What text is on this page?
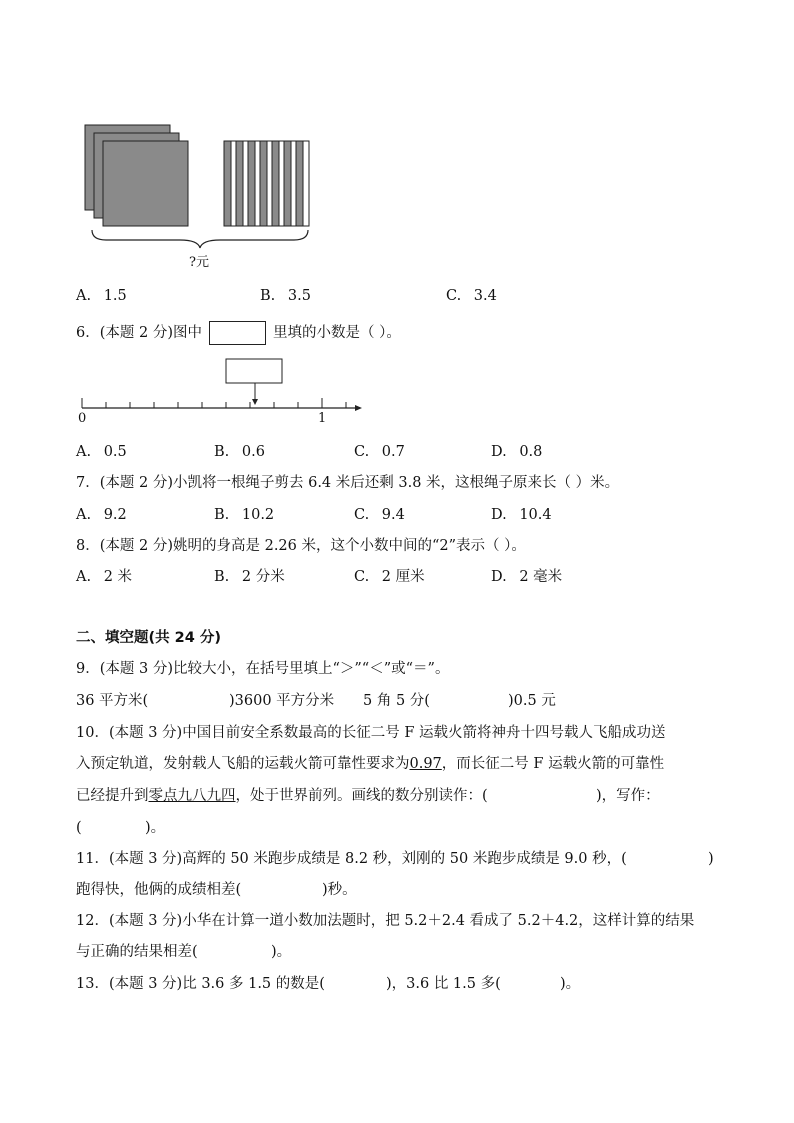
?元
A. 1.5	B. 3.5	C. 3.4
6．(本题 2 分)图中	里填的小数是（ ）。
0	1
A. 0.5	B. 0.6	C. 0.7	D. 0.8
7．(本题 2 分)小凯将一根绳子剪去 6.4 米后还剩 3.8 米，这根绳子原来长（ ）米。
A. 9.2	B. 10.2	C. 9.4	D. 10.4
8．(本题 2 分)姚明的身高是 2.26 米，这个小数中间的“2”表示（ ）。
A. 2 米	B. 2 分米	C. 2 厘米	D. 2 毫米
二、填空题(共 24 分)
9．(本题 3 分)比较大小，在括号里填上“＞”“＜”或“＝”。
36 平方米(	)3600 平方分米 5 角 5 分(	)0.5 元
10．(本题 3 分)中国目前安全系数最高的长征二号 F 运载火箭将神舟十四号载人飞船成功送
入预定轨道，发射载人飞船的运载火箭可靠性要求为0.97，而长征二号 F 运载火箭的可靠性
已经提升到零点九八九四，处于世界前列。画线的数分别读作：(	)，写作：
(	)。
11．(本题 3 分)高辉的 50 米跑步成绩是 8.2 秒，刘刚的 50 米跑步成绩是 9.0 秒，(	)
跑得快，他俩的成绩相差(	)秒。
12．(本题 3 分)小华在计算一道小数加法题时，把 5.2＋2.4 看成了 5.2＋4.2，这样计算的结果
与正确的结果相差(	)。
13．(本题 3 分)比 3.6 多 1.5 的数是(	)，3.6 比 1.5 多(	)。
